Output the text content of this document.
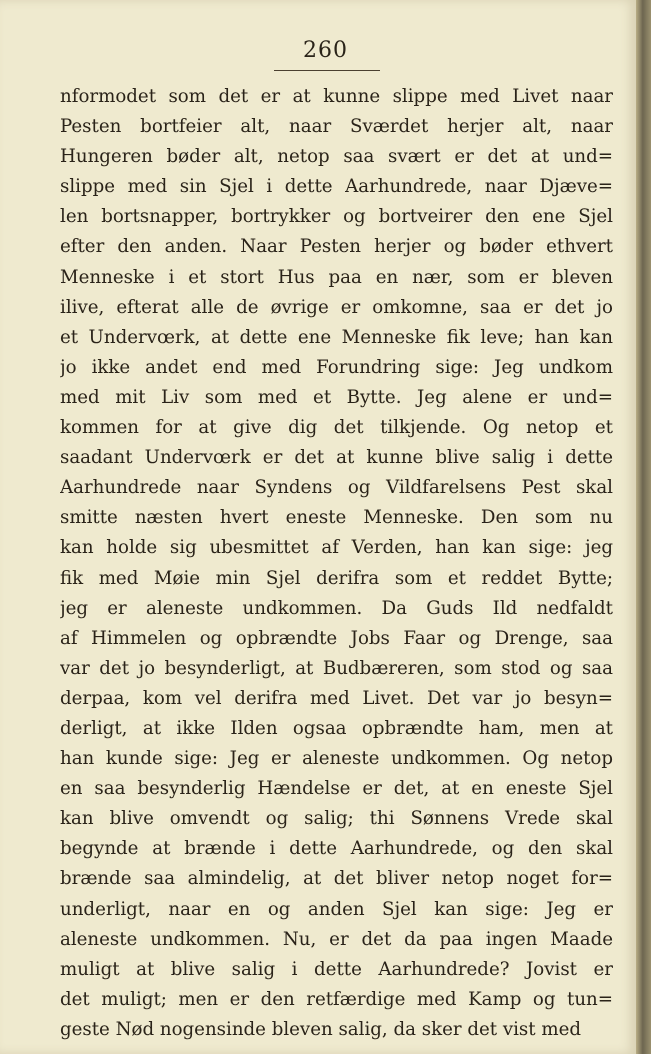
260
nformodet som det er at kunne slippe med Livet naar
Pesten bortfeier alt, naar Sværdet herjer alt, naar
Hungeren bøder alt, netop saa svært er det at und=
slippe med sin Sjel i dette Aarhundrede, naar Djæve=
len bortsnapper, bortrykker og bortveirer den ene Sjel
efter den anden. Naar Pesten herjer og bøder ethvert
Menneske i et stort Hus paa en nær, som er bleven
ilive, efterat alle de øvrige er omkomne, saa er det jo
et Undervœrk, at dette ene Menneske fik leve; han kan
jo ikke andet end med Forundring sige: Jeg undkom
med mit Liv som med et Bytte. Jeg alene er und=
kommen for at give dig det tilkjende. Og netop et
saadant Undervœrk er det at kunne blive salig i dette
Aarhundrede naar Syndens og Vildfarelsens Pest skal
smitte næsten hvert eneste Menneske. Den som nu
kan holde sig ubesmittet af Verden, han kan sige: jeg
fik med Møie min Sjel derifra som et reddet Bytte;
jeg er aleneste undkommen. Da Guds Ild nedfaldt
af Himmelen og opbrændte Jobs Faar og Drenge, saa
var det jo besynderligt, at Budbæreren, som stod og saa
derpaa, kom vel derifra med Livet. Det var jo besyn=
derligt, at ikke Ilden ogsaa opbrændte ham, men at
han kunde sige: Jeg er aleneste undkommen. Og netop
en saa besynderlig Hændelse er det, at en eneste Sjel
kan blive omvendt og salig; thi Sønnens Vrede skal
begynde at brænde i dette Aarhundrede, og den skal
brænde saa almindelig, at det bliver netop noget for=
underligt, naar en og anden Sjel kan sige: Jeg er
aleneste undkommen. Nu, er det da paa ingen Maade
muligt at blive salig i dette Aarhundrede? Jovist er
det muligt; men er den retfærdige med Kamp og tun=
geste Nød nogensinde bleven salig, da sker det vist med
